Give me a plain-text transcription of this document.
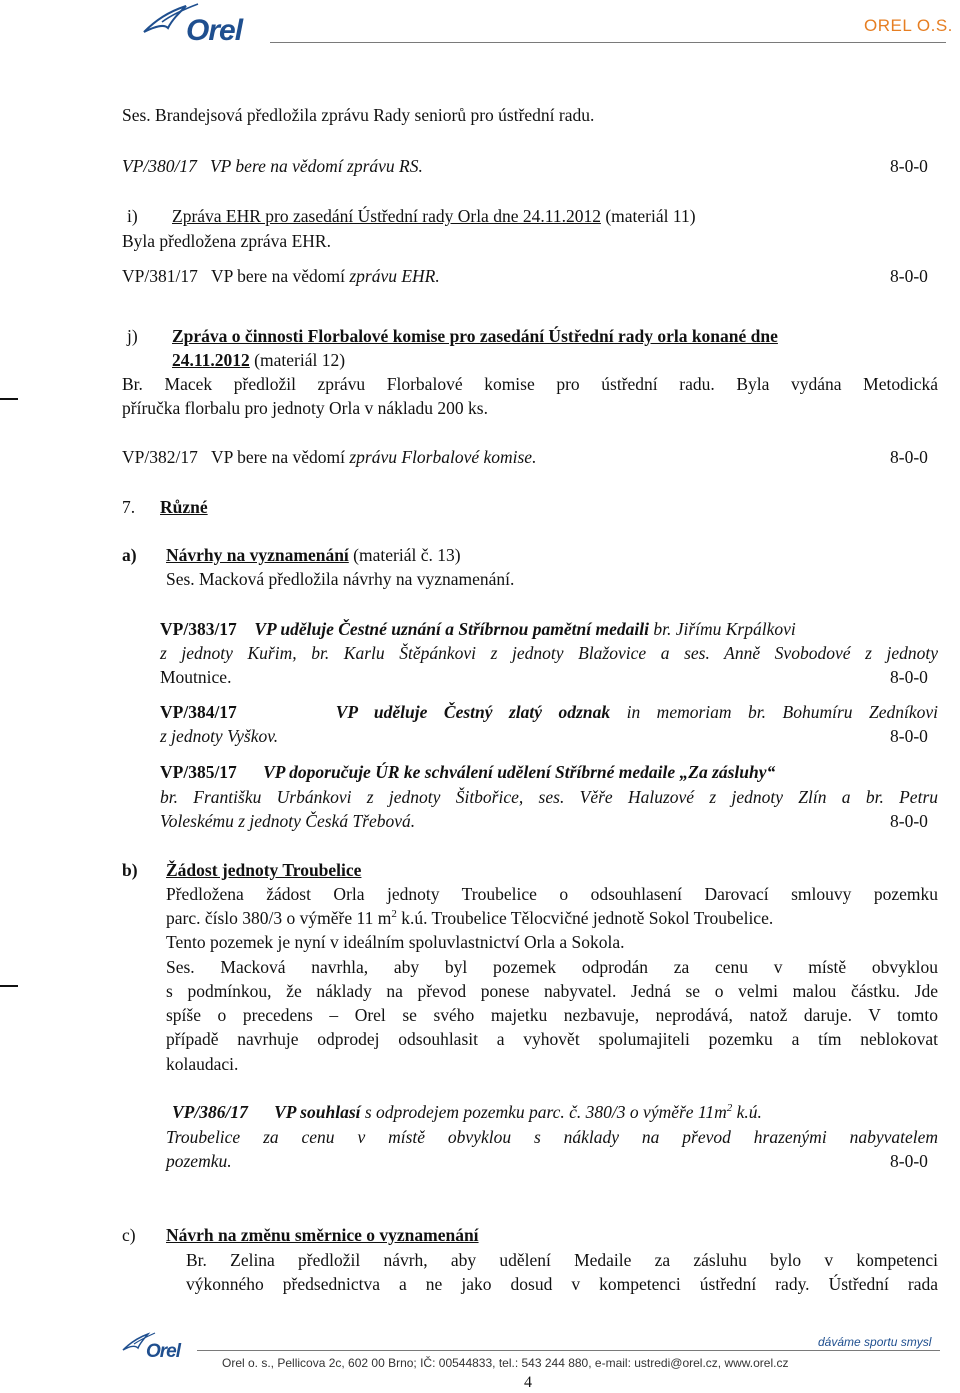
Orel	OREL O.S.
Ses. Brandejsová předložila zprávu Rady seniorů pro ústřední radu.
VP/380/17 VP bere na vědomí zprávu RS.	8-0-0
i) Zpráva EHR pro zasedání Ústřední rady Orla dne 24.11.2012 (materiál 11)
Byla předložena zpráva EHR.
VP/381/17 VP bere na vědomí zprávu EHR.	8-0-0
j) Zpráva o činnosti Florbalové komise pro zasedání Ústřední rady orla konané dne
24.11.2012 (materiál 12)
Br. Macek předložil zprávu Florbalové komise pro ústřední radu. Byla vydána Metodická
příručka florbalu pro jednoty Orla v nákladu 200 ks.
VP/382/17 VP bere na vědomí zprávu Florbalové komise.	8-0-0
7. Různé
a) Návrhy na vyznamenání (materiál č. 13)
Ses. Macková předložila návrhy na vyznamenání.
VP/383/17 VP uděluje Čestné uznání a Stříbrnou pamětní medaili br. Jiřímu Krpálkovi
z jednoty Kuřim, br. Karlu Štěpánkovi z jednoty Blažovice a ses. Anně Svobodové z jednoty
Moutnice.	8-0-0
VP/384/17	VP uděluje Čestný zlatý odznak in memoriam br. Bohumíru Zedníkovi
z jednoty Vyškov.	8-0-0
VP/385/17 VP doporučuje ÚR ke schválení udělení Stříbrné medaile „Za zásluhy“
br. Františku Urbánkovi z jednoty Šitbořice, ses. Věře Haluzové z jednoty Zlín a br. Petru
Voleskému z jednoty Česká Třebová.	8-0-0
b) Žádost jednoty Troubelice
Předložena žádost Orla jednoty Troubelice o odsouhlasení Darovací smlouvy pozemku
parc. číslo 380/3 o výměře 11 $m^2$ k.ú. Troubelice Tělocvičné jednotě Sokol Troubelice.
Tento pozemek je nyní v ideálním spoluvlastnictví Orla a Sokola.
Ses. Macková navrhla, aby byl pozemek odprodán za cenu v místě obvyklou
s podmínkou, že náklady na převod ponese nabyvatel. Jedná se o velmi malou částku. Jde
spíše o precedens – Orel se svého majetku nezbavuje, neprodává, natož daruje. V tomto
případě navrhuje odprodej odsouhlasit a vyhovět spolumajiteli pozemku a tím neblokovat
kolaudaci.
VP/386/17 VP souhlasí s odprodejem pozemku parc. č. 380/3 o výměře $11m^2$ k.ú.
Troubelice za cenu v místě obvyklou s náklady na převod hrazenými nabyvatelem
pozemku.	8-0-0
c) Návrh na změnu směrnice o vyznamenání
Br. Zelina předložil návrh, aby udělení Medaile za zásluhu bylo v kompetenci
výkonného předsednictva a ne jako dosud v kompetenci ústřední rady. Ústřední rada
Orel	dáváme sportu smysl
Orel o. s., Pellicova 2c, 602 00 Brno; IČ: 00544833, tel.: 543 244 880, e-mail: ustredi@orel.cz, www.orel.cz
4
